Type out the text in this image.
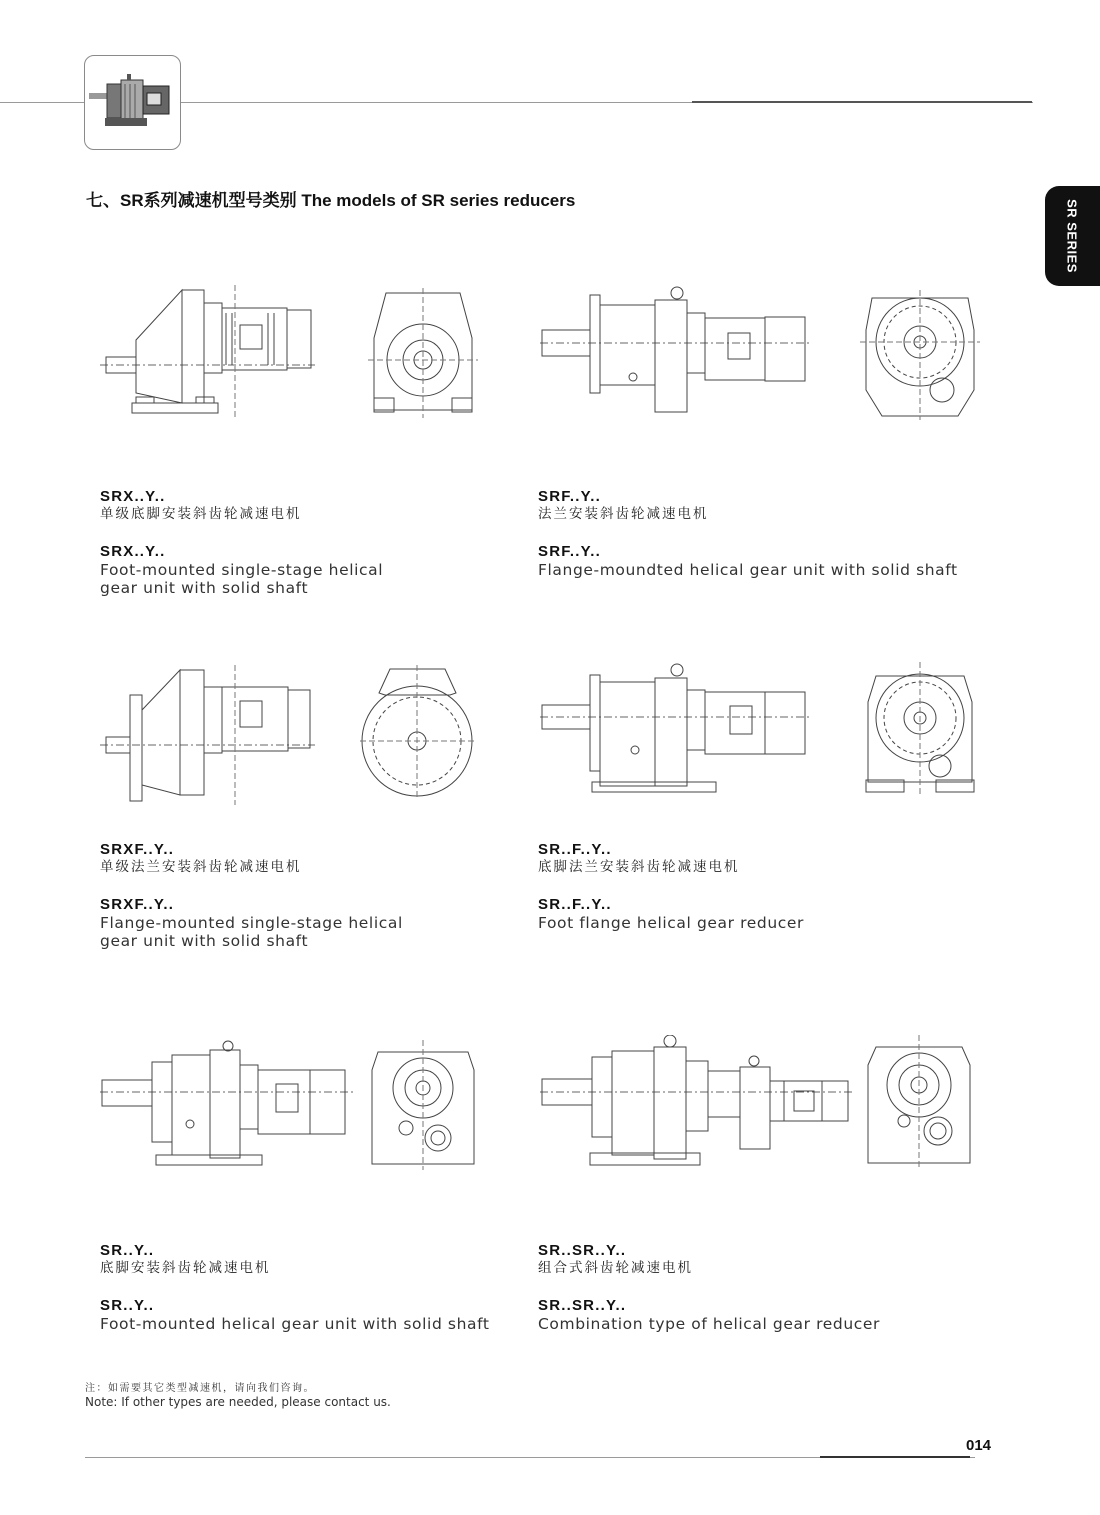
SR SERIES
七、SR系列减速机型号类别 The models of SR series reducers
SRX..Y..
单级底脚安装斜齿轮减速电机
SRX..Y..
Foot-mounted single-stage helical gear unit with solid shaft
SRF..Y..
法兰安装斜齿轮减速电机
SRF..Y..
Flange-moundted helical gear unit with solid shaft
SRXF..Y..
单级法兰安装斜齿轮减速电机
SRXF..Y..
Flange-mounted single-stage helical gear unit with solid shaft
SR..F..Y..
底脚法兰安装斜齿轮减速电机
SR..F..Y..
Foot flange helical gear reducer
SR..Y..
底脚安装斜齿轮减速电机
SR..Y..
Foot-mounted helical gear unit with solid shaft
SR..SR..Y..
组合式斜齿轮减速电机
SR..SR..Y..
Combination type of helical gear reducer
注：如需要其它类型减速机，请向我们咨询。
Note: If other types are needed, please contact us.
014
